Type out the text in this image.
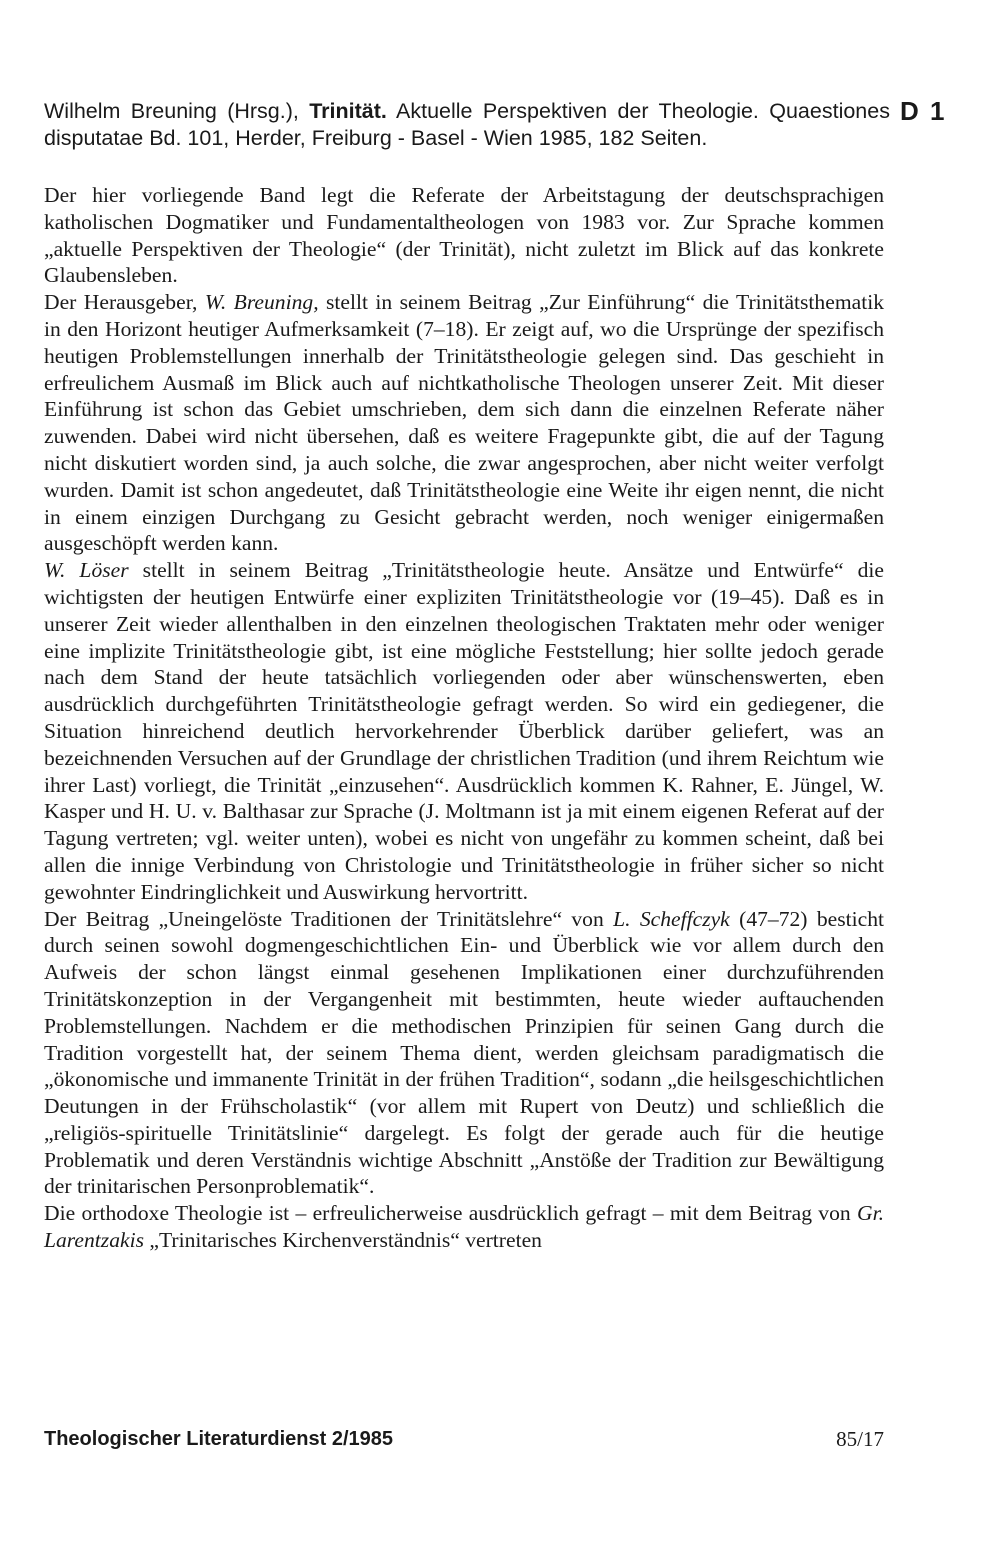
Wilhelm Breuning (Hrsg.), Trinität. Aktuelle Perspektiven der Theologie. Quaestiones disputatae Bd. 101, Herder, Freiburg - Basel - Wien 1985, 182 Seiten.
D 1

Der hier vorliegende Band legt die Referate der Arbeitstagung der deutschsprachigen katholischen Dogmatiker und Fundamentaltheologen von 1983 vor. Zur Sprache kommen „aktuelle Perspektiven der Theologie“ (der Trinität), nicht zuletzt im Blick auf das konkrete Glaubensleben.

Der Herausgeber, W. Breuning, stellt in seinem Beitrag „Zur Einführung“ die Trinitätsthematik in den Horizont heutiger Aufmerksamkeit (7–18). Er zeigt auf, wo die Ursprünge der spezifisch heutigen Problemstellungen innerhalb der Trinitätstheologie gelegen sind. Das geschieht in erfreulichem Ausmaß im Blick auch auf nichtkatholische Theologen unserer Zeit. Mit dieser Einführung ist schon das Gebiet umschrieben, dem sich dann die einzelnen Referate näher zuwenden. Dabei wird nicht übersehen, daß es weitere Fragepunkte gibt, die auf der Tagung nicht diskutiert worden sind, ja auch solche, die zwar angesprochen, aber nicht weiter verfolgt wurden. Damit ist schon angedeutet, daß Trinitätstheologie eine Weite ihr eigen nennt, die nicht in einem einzigen Durchgang zu Gesicht gebracht werden, noch weniger einigermaßen ausgeschöpft werden kann.

W. Löser stellt in seinem Beitrag „Trinitätstheologie heute. Ansätze und Entwürfe“ die wichtigsten der heutigen Entwürfe einer expliziten Trinitätstheologie vor (19–45). Daß es in unserer Zeit wieder allenthalben in den einzelnen theologischen Traktaten mehr oder weniger eine implizite Trinitätstheologie gibt, ist eine mögliche Feststellung; hier sollte jedoch gerade nach dem Stand der heute tatsächlich vorliegenden oder aber wünschenswerten, eben ausdrücklich durchgeführten Trinitätstheologie gefragt werden. So wird ein gediegener, die Situation hinreichend deutlich hervorkehrender Überblick darüber geliefert, was an bezeichnenden Versuchen auf der Grundlage der christlichen Tradition (und ihrem Reichtum wie ihrer Last) vorliegt, die Trinität „einzusehen“. Ausdrücklich kommen K. Rahner, E. Jüngel, W. Kasper und H. U. v. Balthasar zur Sprache (J. Moltmann ist ja mit einem eigenen Referat auf der Tagung vertreten; vgl. weiter unten), wobei es nicht von ungefähr zu kommen scheint, daß bei allen die innige Verbindung von Christologie und Trinitätstheologie in früher sicher so nicht gewohnter Eindringlichkeit und Auswirkung hervortritt.

Der Beitrag „Uneingelöste Traditionen der Trinitätslehre“ von L. Scheffczyk (47–72) besticht durch seinen sowohl dogmengeschichtlichen Ein- und Überblick wie vor allem durch den Aufweis der schon längst einmal gesehenen Implikationen einer durchzuführenden Trinitätskonzeption in der Vergangenheit mit bestimmten, heute wieder auftauchenden Problemstellungen. Nachdem er die methodischen Prinzipien für seinen Gang durch die Tradition vorgestellt hat, der seinem Thema dient, werden gleichsam paradigmatisch die „ökonomische und immanente Trinität in der frühen Tradition“, sodann „die heilsgeschichtlichen Deutungen in der Frühscholastik“ (vor allem mit Rupert von Deutz) und schließlich die „religiös-spirituelle Trinitätslinie“ dargelegt. Es folgt der gerade auch für die heutige Problematik und deren Verständnis wichtige Abschnitt „Anstöße der Tradition zur Bewältigung der trinitarischen Personproblematik“.

Die orthodoxe Theologie ist – erfreulicherweise ausdrücklich gefragt – mit dem Beitrag von Gr. Larentzakis „Trinitarisches Kirchenverständnis“ vertreten

Theologischer Literaturdienst 2/1985	85/17
